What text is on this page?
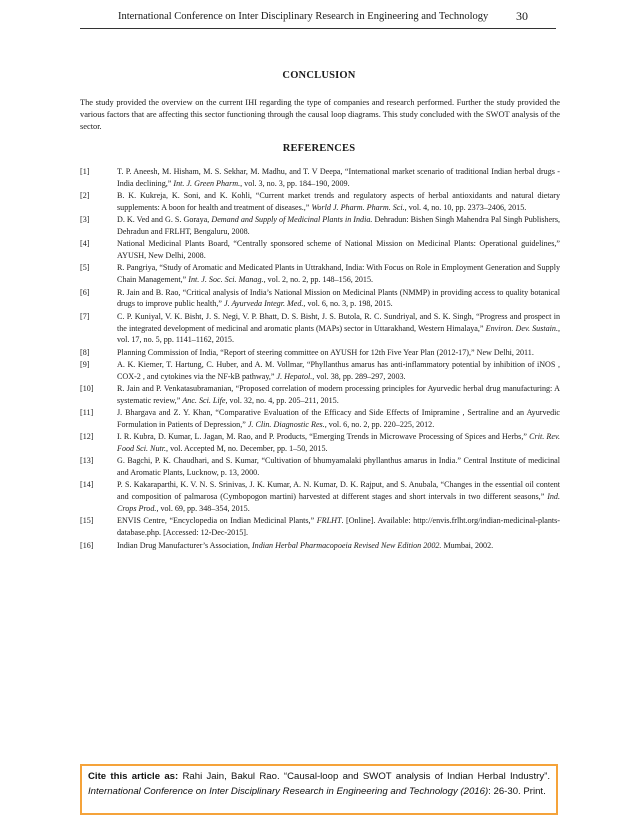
International Conference on Inter Disciplinary Research in Engineering and Technology 30
CONCLUSION
The study provided the overview on the current IHI regarding the type of companies and research performed. Further the study provided the various factors that are affecting this sector functioning through the causal loop diagrams. This study concluded with the SWOT analysis of the sector.
REFERENCES
[1]	T. P. Aneesh, M. Hisham, M. S. Sekhar, M. Madhu, and T. V Deepa, “International market scenario of traditional Indian herbal drugs - India declining,” Int. J. Green Pharm., vol. 3, no. 3, pp. 184–190, 2009.
[2]	B. K. Kukreja, K. Soni, and K. Kohli, “Current market trends and regulatory aspects of herbal antioxidants and natural dietary supplements: A boon for health and treatment of diseases.,” World J. Pharm. Pharm. Sci., vol. 4, no. 10, pp. 2373–2406, 2015.
[3]	D. K. Ved and G. S. Goraya, Demand and Supply of Medicinal Plants in India. Dehradun: Bishen Singh Mahendra Pal Singh Publishers, Dehradun and FRLHT, Bengaluru, 2008.
[4]	National Medicinal Plants Board, “Centrally sponsored scheme of National Mission on Medicinal Plants: Operational guidelines,” AYUSH, New Delhi, 2008.
[5]	R. Pangriya, “Study of Aromatic and Medicated Plants in Uttrakhand, India: With Focus on Role in Employment Generation and Supply Chain Management,” Int. J. Soc. Sci. Manag., vol. 2, no. 2, pp. 148–156, 2015.
[6]	R. Jain and B. Rao, “Critical analysis of India’s National Mission on Medicinal Plants (NMMP) in providing access to quality botanical drugs to improve public health,” J. Ayurveda Integr. Med., vol. 6, no. 3, p. 198, 2015.
[7]	C. P. Kuniyal, V. K. Bisht, J. S. Negi, V. P. Bhatt, D. S. Bisht, J. S. Butola, R. C. Sundriyal, and S. K. Singh, “Progress and prospect in the integrated development of medicinal and aromatic plants (MAPs) sector in Uttarakhand, Western Himalaya,” Environ. Dev. Sustain., vol. 17, no. 5, pp. 1141–1162, 2015.
[8]	Planning Commission of India, “Report of steering committee on AYUSH for 12th Five Year Plan (2012-17),” New Delhi, 2011.
[9]	A. K. Kiemer, T. Hartung, C. Huber, and A. M. Vollmar, “Phyllanthus amarus has anti-inflammatory potential by inhibition of iNOS , COX-2 , and cytokines via the NF-kB pathway,” J. Hepatol., vol. 38, pp. 289–297, 2003.
[10]	R. Jain and P. Venkatasubramanian, “Proposed correlation of modern processing principles for Ayurvedic herbal drug manufacturing: A systematic review,” Anc. Sci. Life, vol. 32, no. 4, pp. 205–211, 2015.
[11]	J. Bhargava and Z. Y. Khan, “Comparative Evaluation of the Efficacy and Side Effects of Imipramine , Sertraline and an Ayurvedic Formulation in Patients of Depression,” J. Clin. Diagnostic Res., vol. 6, no. 2, pp. 220–225, 2012.
[12]	I. R. Kubra, D. Kumar, L. Jagan, M. Rao, and P. Products, “Emerging Trends in Microwave Processing of Spices and Herbs,” Crit. Rev. Food Sci. Nutr., vol. Accepted M, no. December, pp. 1–50, 2015.
[13]	G. Bagchi, P. K. Chaudhari, and S. Kumar, “Cultivation of bhumyamalaki phyllanthus amarus in India.” Central Institute of medicinal and Aromatic Plants, Lucknow, p. 13, 2000.
[14]	P. S. Kakaraparthi, K. V. N. S. Srinivas, J. K. Kumar, A. N. Kumar, D. K. Rajput, and S. Anubala, “Changes in the essential oil content and composition of palmarosa (Cymbopogon martini) harvested at different stages and short intervals in two different seasons,” Ind. Crops Prod., vol. 69, pp. 348–354, 2015.
[15]	ENVIS Centre, “Encyclopedia on Indian Medicinal Plants,” FRLHT. [Online]. Available: http://envis.frlht.org/indian-medicinal-plants-database.php. [Accessed: 12-Dec-2015].
[16]	Indian Drug Manufacturer’s Association, Indian Herbal Pharmacopoeia Revised New Edition 2002. Mumbai, 2002.
Cite this article as: Rahi Jain, Bakul Rao. “Causal-loop and SWOT analysis of Indian Herbal Industry”. International Conference on Inter Disciplinary Research in Engineering and Technology (2016): 26-30. Print.
